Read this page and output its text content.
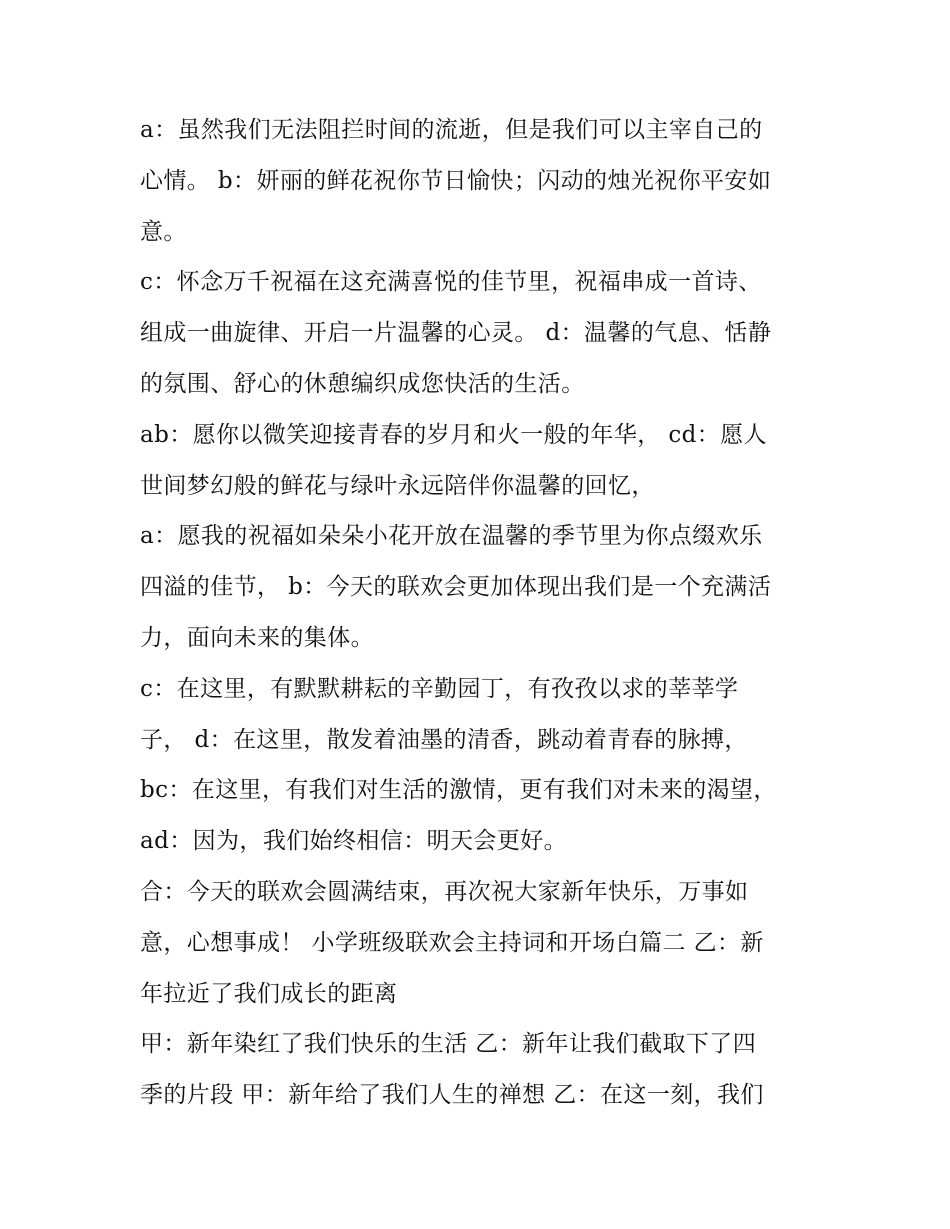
a：虽然我们无法阻拦时间的流逝，但是我们可以主宰自己的
心情。 b：妍丽的鲜花祝你节日愉快；闪动的烛光祝你平安如
意。
c：怀念万千祝福在这充满喜悦的佳节里，祝福串成一首诗、
组成一曲旋律、开启一片温馨的心灵。 d：温馨的气息、恬静
的氛围、舒心的休憩编织成您快活的生活。
ab：愿你以微笑迎接青春的岁月和火一般的年华， cd：愿人
世间梦幻般的鲜花与绿叶永远陪伴你温馨的回忆，
a：愿我的祝福如朵朵小花开放在温馨的季节里为你点缀欢乐
四溢的佳节， b：今天的联欢会更加体现出我们是一个充满活
力，面向未来的集体。
c：在这里，有默默耕耘的辛勤园丁，有孜孜以求的莘莘学
子， d：在这里，散发着油墨的清香，跳动着青春的脉搏，
bc：在这里，有我们对生活的激情，更有我们对未来的渴望，
ad：因为，我们始终相信：明天会更好。
合：今天的联欢会圆满结束，再次祝大家新年快乐，万事如
意，心想事成！ 小学班级联欢会主持词和开场白篇二 乙：新
年拉近了我们成长的距离
甲：新年染红了我们快乐的生活 乙：新年让我们截取下了四
季的片段 甲：新年给了我们人生的禅想 乙：在这一刻，我们
